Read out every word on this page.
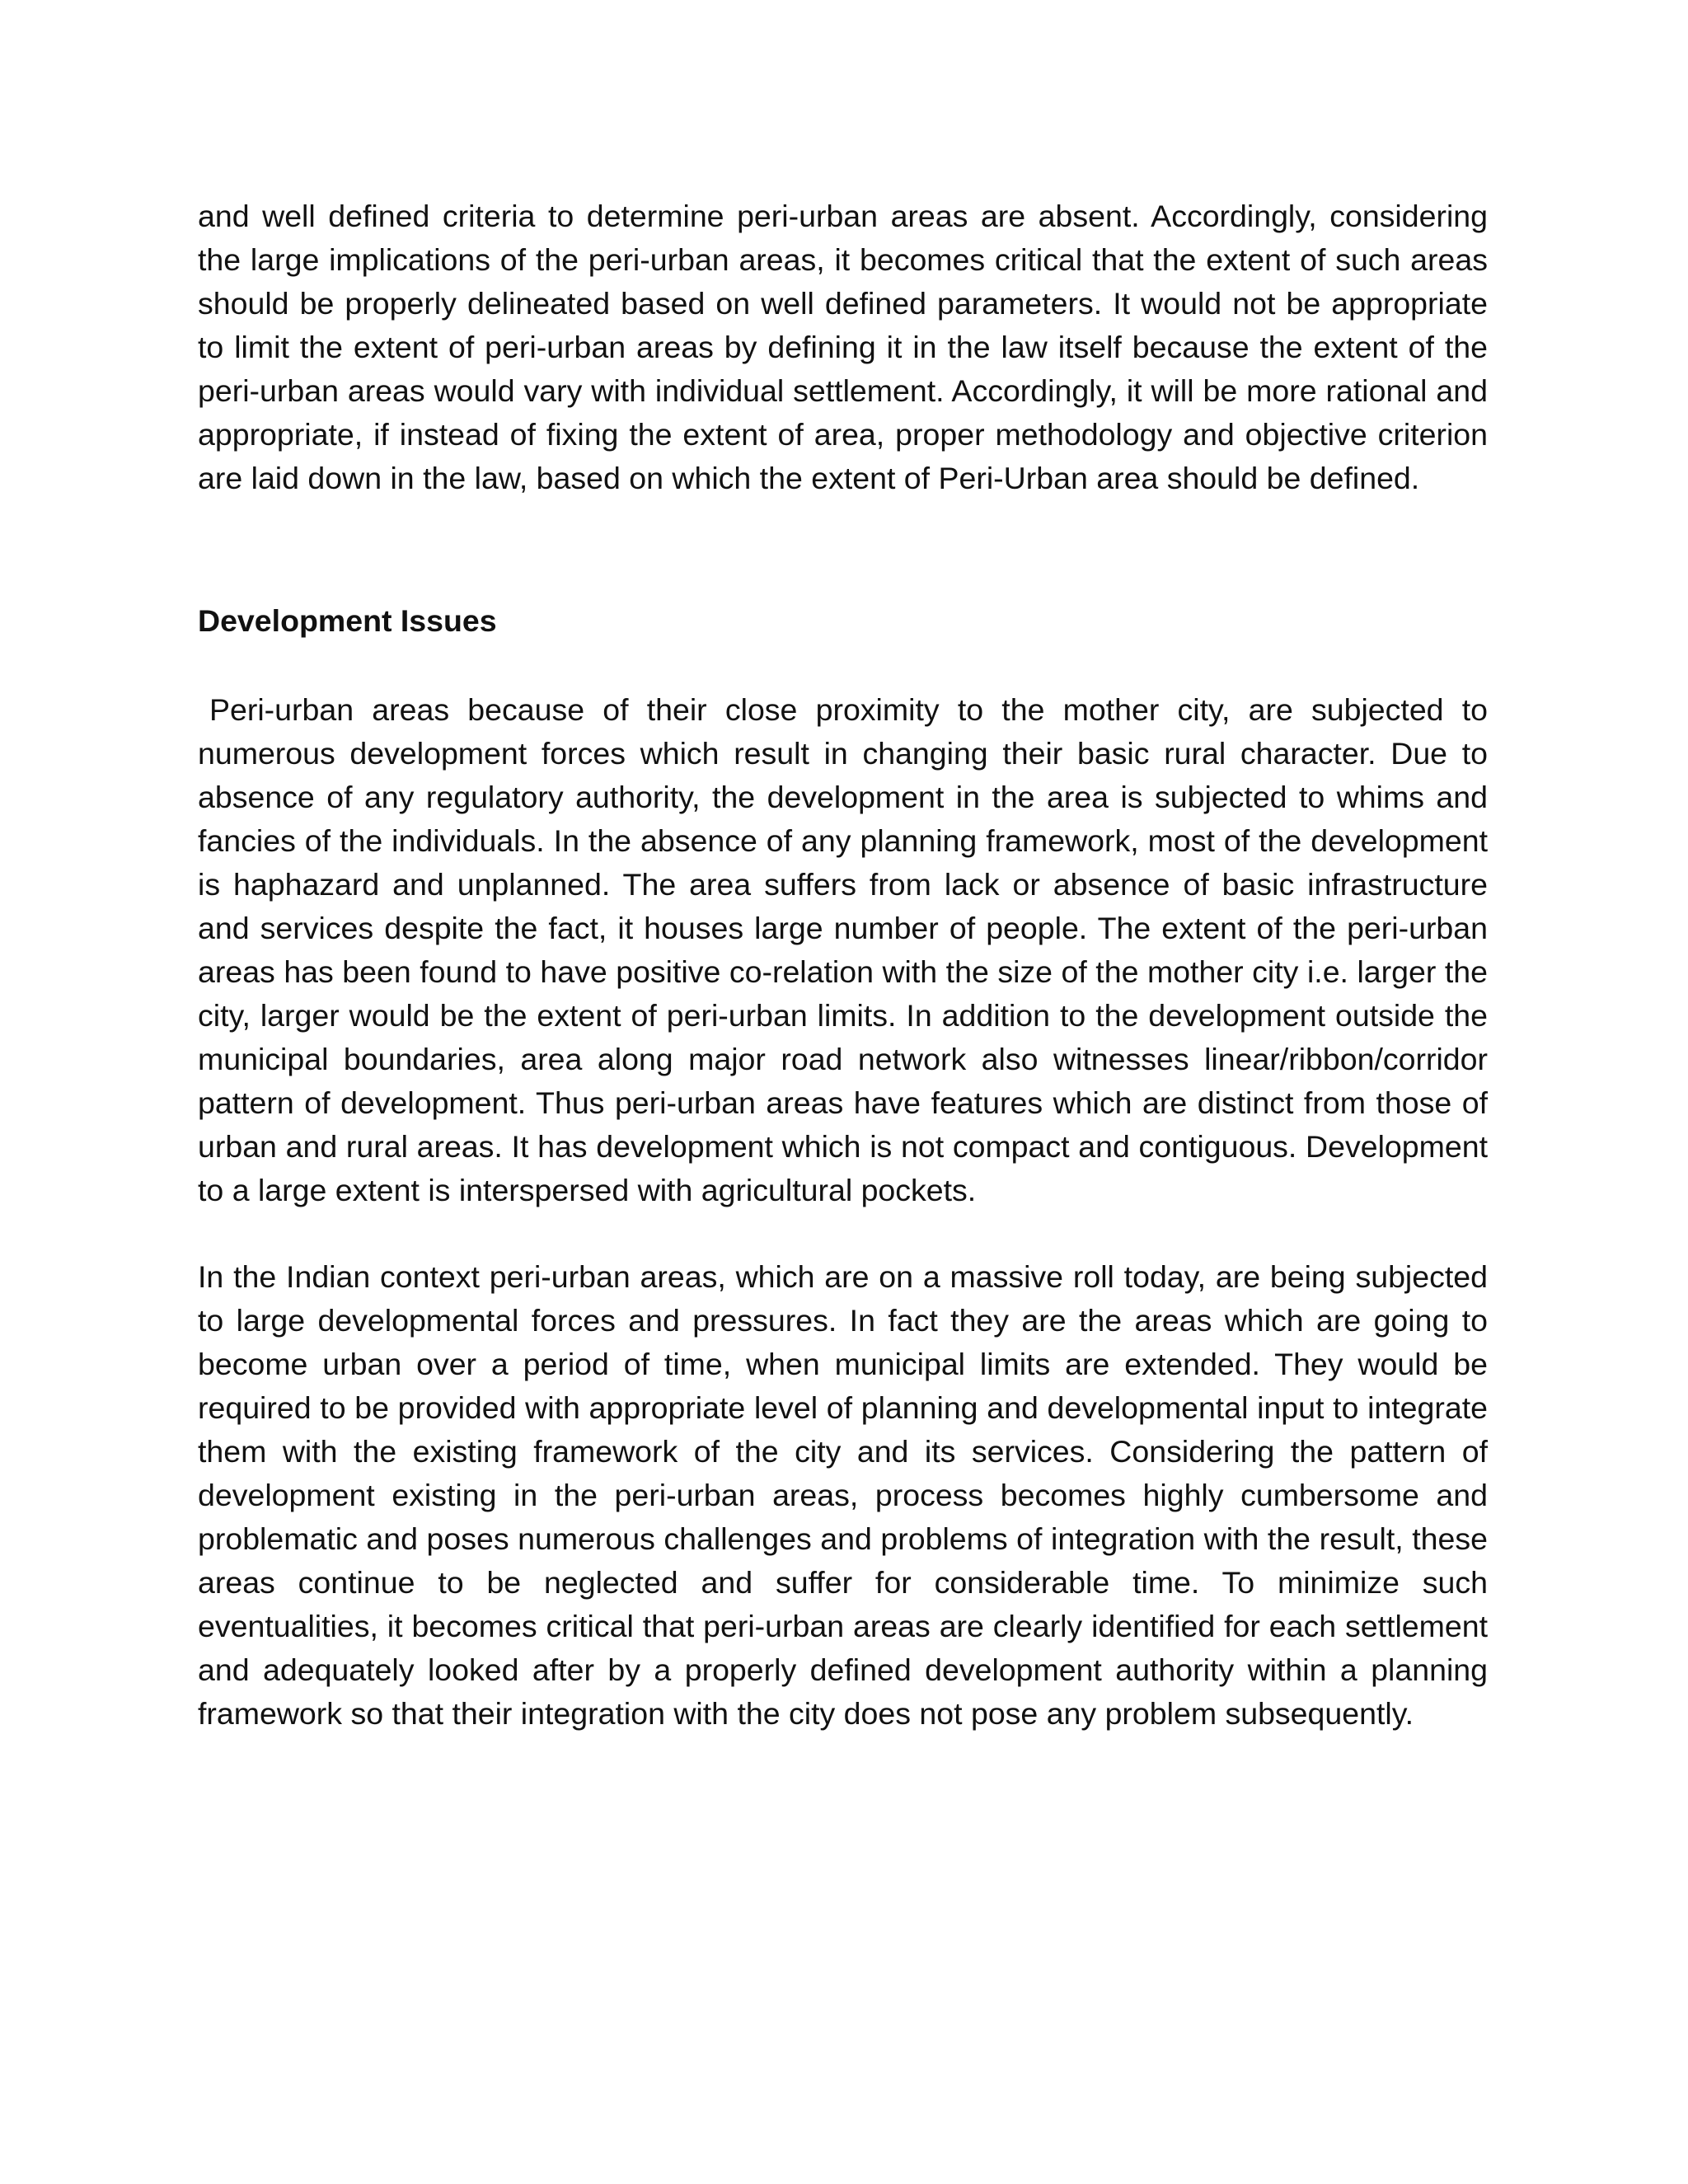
and well defined criteria to determine peri-urban areas are absent. Accordingly, considering the large implications of the peri-urban areas, it becomes critical that the extent of such areas should be properly delineated based on well defined parameters. It would not be appropriate to limit the extent of peri-urban areas by defining it in the law itself because the extent of the peri-urban areas would vary with individual settlement. Accordingly, it will be more rational and appropriate, if instead of fixing the extent of area, proper methodology and objective criterion are laid down in the law, based on which the extent of Peri-Urban area should be defined.

Development Issues

Peri-urban areas because of their close proximity to the mother city, are subjected to numerous development forces which result in changing their basic rural character. Due to absence of any regulatory authority, the development in the area is subjected to whims and fancies of the individuals. In the absence of any planning framework, most of the development is haphazard and unplanned. The area suffers from lack or absence of basic infrastructure and services despite the fact, it houses large number of people. The extent of the peri-urban areas has been found to have positive co-relation with the size of the mother city i.e. larger the city, larger would be the extent of peri-urban limits. In addition to the development outside the municipal boundaries, area along major road network also witnesses linear/ribbon/corridor pattern of development. Thus peri-urban areas have features which are distinct from those of urban and rural areas. It has development which is not compact and contiguous. Development to a large extent is interspersed with agricultural pockets.

In the Indian context peri-urban areas, which are on a massive roll today, are being subjected to large developmental forces and pressures. In fact they are the areas which are going to become urban over a period of time, when municipal limits are extended. They would be required to be provided with appropriate level of planning and developmental input to integrate them with the existing framework of the city and its services. Considering the pattern of development existing in the peri-urban areas, process becomes highly cumbersome and problematic and poses numerous challenges and problems of integration with the result, these areas continue to be neglected and suffer for considerable time. To minimize such eventualities, it becomes critical that peri-urban areas are clearly identified for each settlement and adequately looked after by a properly defined development authority within a planning framework so that their integration with the city does not pose any problem subsequently.
